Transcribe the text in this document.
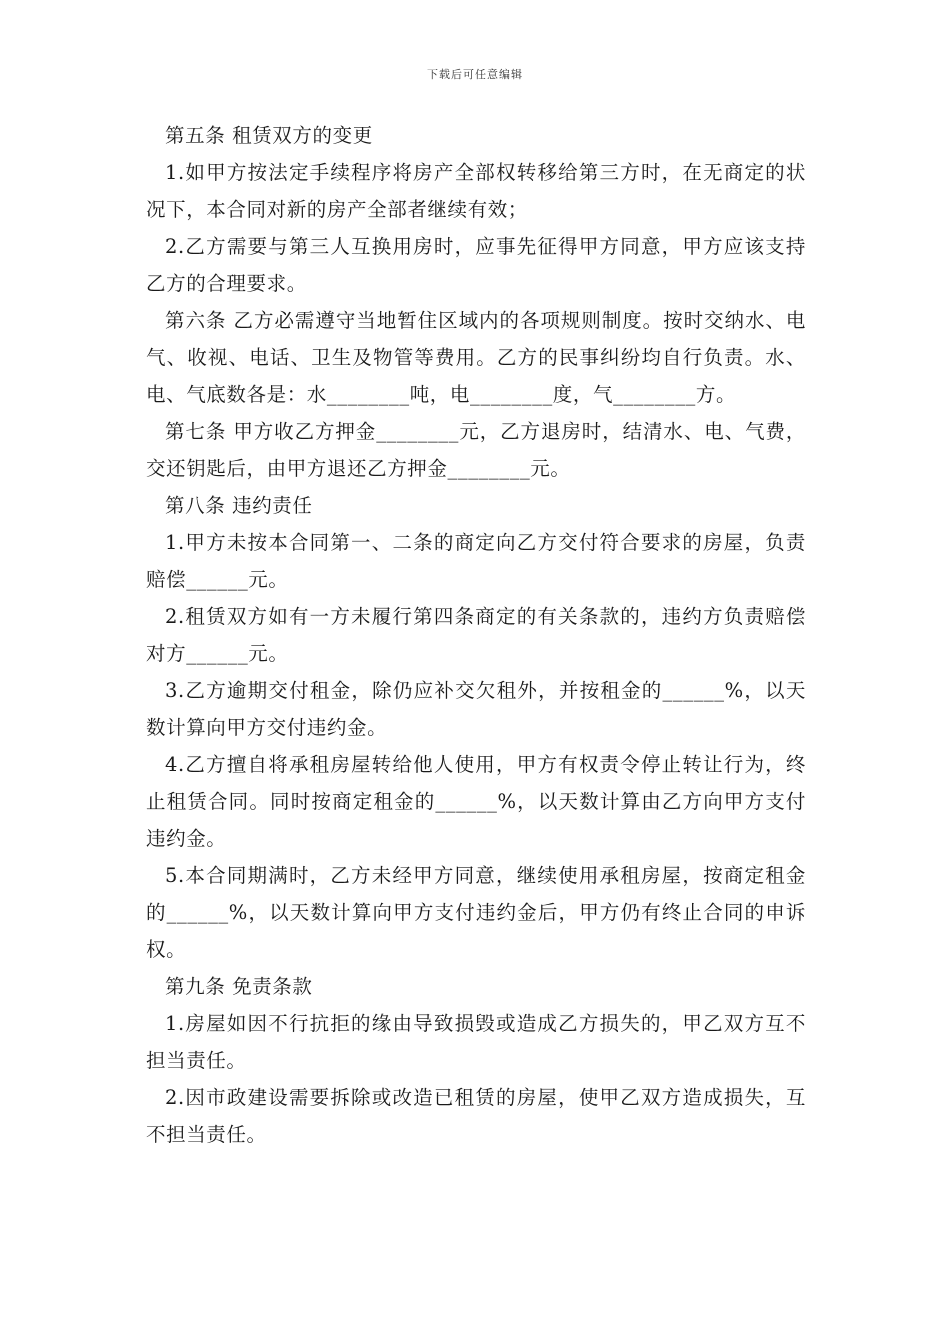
下载后可任意编辑

第五条 租赁双方的变更

1.如甲方按法定手续程序将房产全部权转移给第三方时，在无商定的状况下，本合同对新的房产全部者继续有效；

2.乙方需要与第三人互换用房时，应事先征得甲方同意，甲方应该支持乙方的合理要求。

第六条 乙方必需遵守当地暂住区域内的各项规则制度。按时交纳水、电气、收视、电话、卫生及物管等费用。乙方的民事纠纷均自行负责。水、电、气底数各是：水________吨，电________度，气________方。

第七条 甲方收乙方押金________元，乙方退房时，结清水、电、气费，交还钥匙后，由甲方退还乙方押金________元。

第八条 违约责任

1.甲方未按本合同第一、二条的商定向乙方交付符合要求的房屋，负责赔偿______元。

2.租赁双方如有一方未履行第四条商定的有关条款的，违约方负责赔偿对方______元。

3.乙方逾期交付租金，除仍应补交欠租外，并按租金的______%，以天数计算向甲方交付违约金。

4.乙方擅自将承租房屋转给他人使用，甲方有权责令停止转让行为，终止租赁合同。同时按商定租金的______%，以天数计算由乙方向甲方支付违约金。

5.本合同期满时，乙方未经甲方同意，继续使用承租房屋，按商定租金的______%，以天数计算向甲方支付违约金后，甲方仍有终止合同的申诉权。

第九条 免责条款

1.房屋如因不行抗拒的缘由导致损毁或造成乙方损失的，甲乙双方互不担当责任。

2.因市政建设需要拆除或改造已租赁的房屋，使甲乙双方造成损失，互不担当责任。
